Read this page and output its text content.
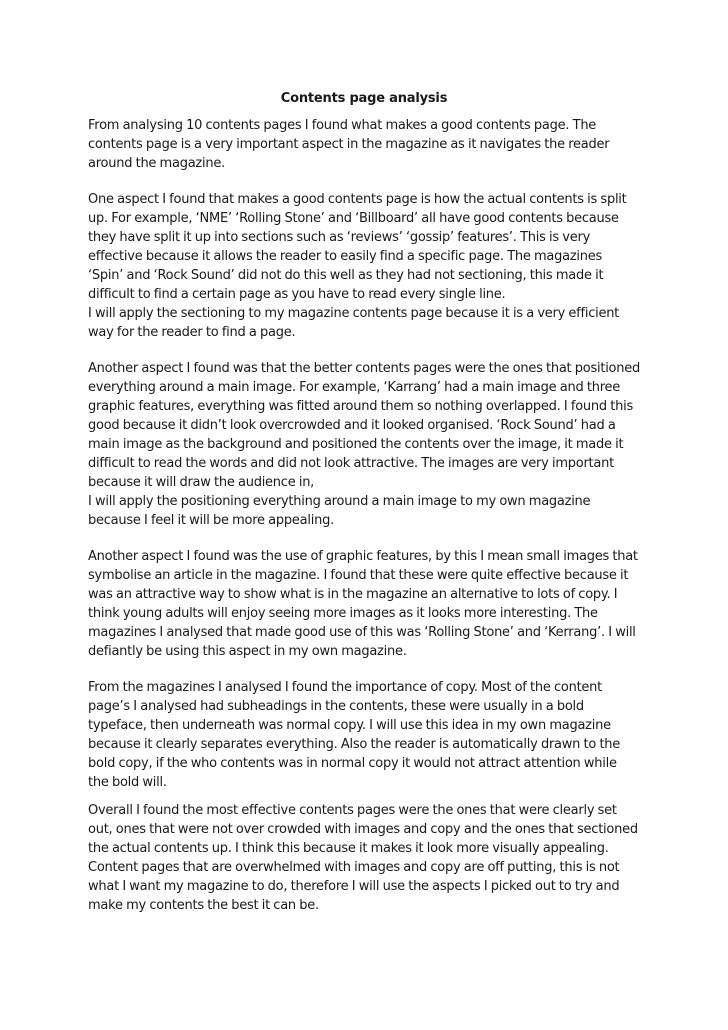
Contents page analysis

From analysing 10 contents pages I found what makes a good contents page. The contents page is a very important aspect in the magazine as it navigates the reader around the magazine.

One aspect I found that makes a good contents page is how the actual contents is split up. For example, ‘NME’ ‘Rolling Stone’ and ‘Billboard’ all have good contents because they have split it up into sections such as ‘reviews’ ‘gossip’ features’. This is very effective because it allows the reader to easily find a specific page. The magazines ‘Spin’ and ‘Rock Sound’ did not do this well as they had not sectioning, this made it difficult to find a certain page as you have to read every single line.

I will apply the sectioning to my magazine contents page because it is a very efficient way for the reader to find a page.

Another aspect I found was that the better contents pages were the ones that positioned everything around a main image. For example, ‘Karrang’ had a main image and three graphic features, everything was fitted around them so nothing overlapped. I found this good because it didn’t look overcrowded and it looked organised. ‘Rock Sound’ had a main image as the background and positioned the contents over the image, it made it difficult to read the words and did not look attractive. The images are very important because it will draw the audience in,

I will apply the positioning everything around a main image to my own magazine because I feel it will be more appealing.

Another aspect I found was the use of graphic features, by this I mean small images that symbolise an article in the magazine. I found that these were quite effective because it was an attractive way to show what is in the magazine an alternative to lots of copy. I think young adults will enjoy seeing more images as it looks more interesting. The magazines I analysed that made good use of this was ‘Rolling Stone’ and ‘Kerrang’. I will defiantly be using this aspect in my own magazine.

From the magazines I analysed I found the importance of copy. Most of the content page’s I analysed had subheadings in the contents, these were usually in a bold typeface, then underneath was normal copy. I will use this idea in my own magazine because it clearly separates everything. Also the reader is automatically drawn to the bold copy, if the who contents was in normal copy it would not attract attention while the bold will.

Overall I found the most effective contents pages were the ones that were clearly set out, ones that were not over crowded with images and copy and the ones that sectioned the actual contents up. I think this because it makes it look more visually appealing. Content pages that are overwhelmed with images and copy are off putting, this is not what I want my magazine to do, therefore I will use the aspects I picked out to try and make my contents the best it can be.
